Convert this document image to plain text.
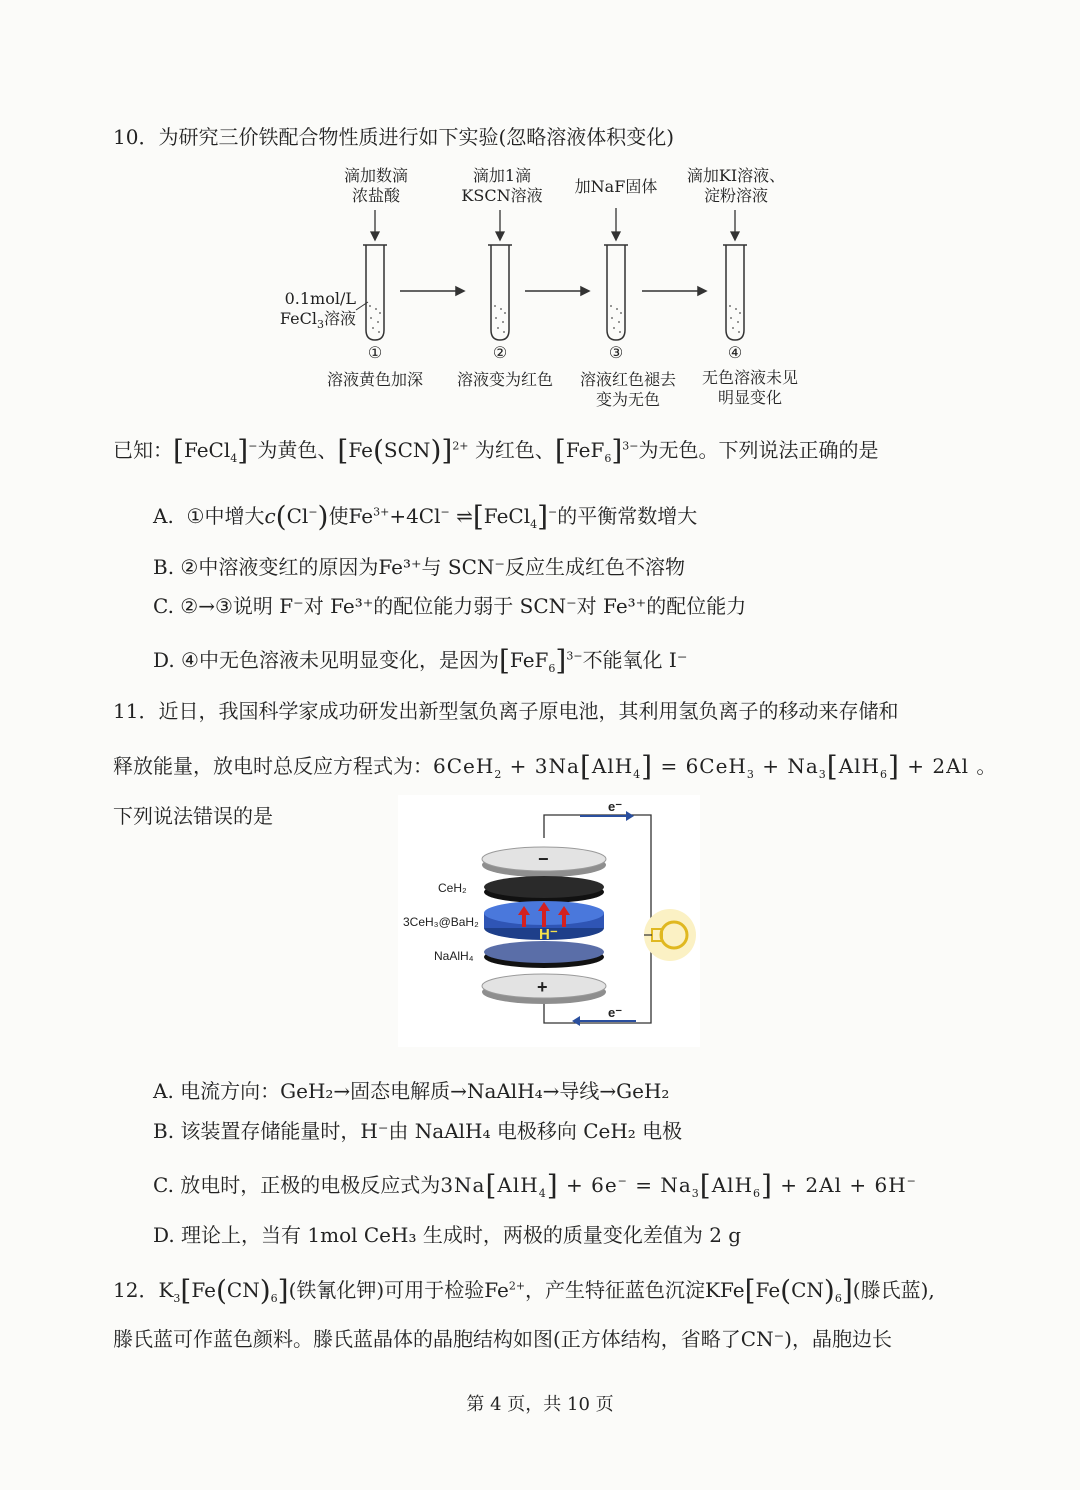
10．为研究三价铁配合物性质进行如下实验(忽略溶液体积变化)
滴加数滴
浓盐酸
滴加1滴
KSCN溶液	加NaF固体
滴加KI溶液、
淀粉溶液
0.1mol/L
FeCl$_3$溶液
①	②	③	④
溶液黄色加深	溶液变为红色	溶液红色褪去
变为无色
无色溶液未见
明显变化
已知：[FeCl$_4$]−为黄色、$[Fe(SCN)]^{2+}$ 为红色、$[FeF_6]^{3-}$为无色。下列说法正确的是
A. ①中增大c(Cl−)使$Fe^{3+}+4Cl^-$ ⇌[FeCl$_4$]−的平衡常数增大
B. ②中溶液变红的原因为Fe³⁺与 SCN⁻反应生成红色不溶物
C. ②→③说明 F⁻对 Fe³⁺的配位能力弱于 SCN⁻对 Fe³⁺的配位能力
D. ④中无色溶液未见明显变化，是因为$[FeF_6]^{3-}$不能氧化 I⁻
11．近日，我国科学家成功研发出新型氢负离子原电池，其利用氢负离子的移动来存储和
释放能量，放电时总反应方程式为：$6CeH_2 + 3Na[AlH_4] = 6CeH_3 + Na_3[AlH_6] + 2Al$ 。
下列说法错误的是	e⁻
e⁻
−
+
H⁻
CeH₂
3CeH₃@BaH₂
NaAlH₄
A. 电流方向：GeH₂→固态电解质→NaAlH₄→导线→GeH₂
B. 该装置存储能量时，H⁻由 NaAlH₄ 电极移向 CeH₂ 电极
C. 放电时，正极的电极反应式为$3Na[AlH_4] + 6e^- = Na_3[AlH_6] + 2Al + 6H^-$
D. 理论上，当有 1mol CeH₃ 生成时，两极的质量变化差值为 2 g
12．$K_3[Fe(CN)_6]$(铁氰化钾)可用于检验$Fe^{2+}$，产生特征蓝色沉淀$KFe[Fe(CN)_6]$(滕氏蓝),
滕氏蓝可作蓝色颜料。滕氏蓝晶体的晶胞结构如图(正方体结构，省略了CN⁻)，晶胞边长
第 4 页，共 10 页
